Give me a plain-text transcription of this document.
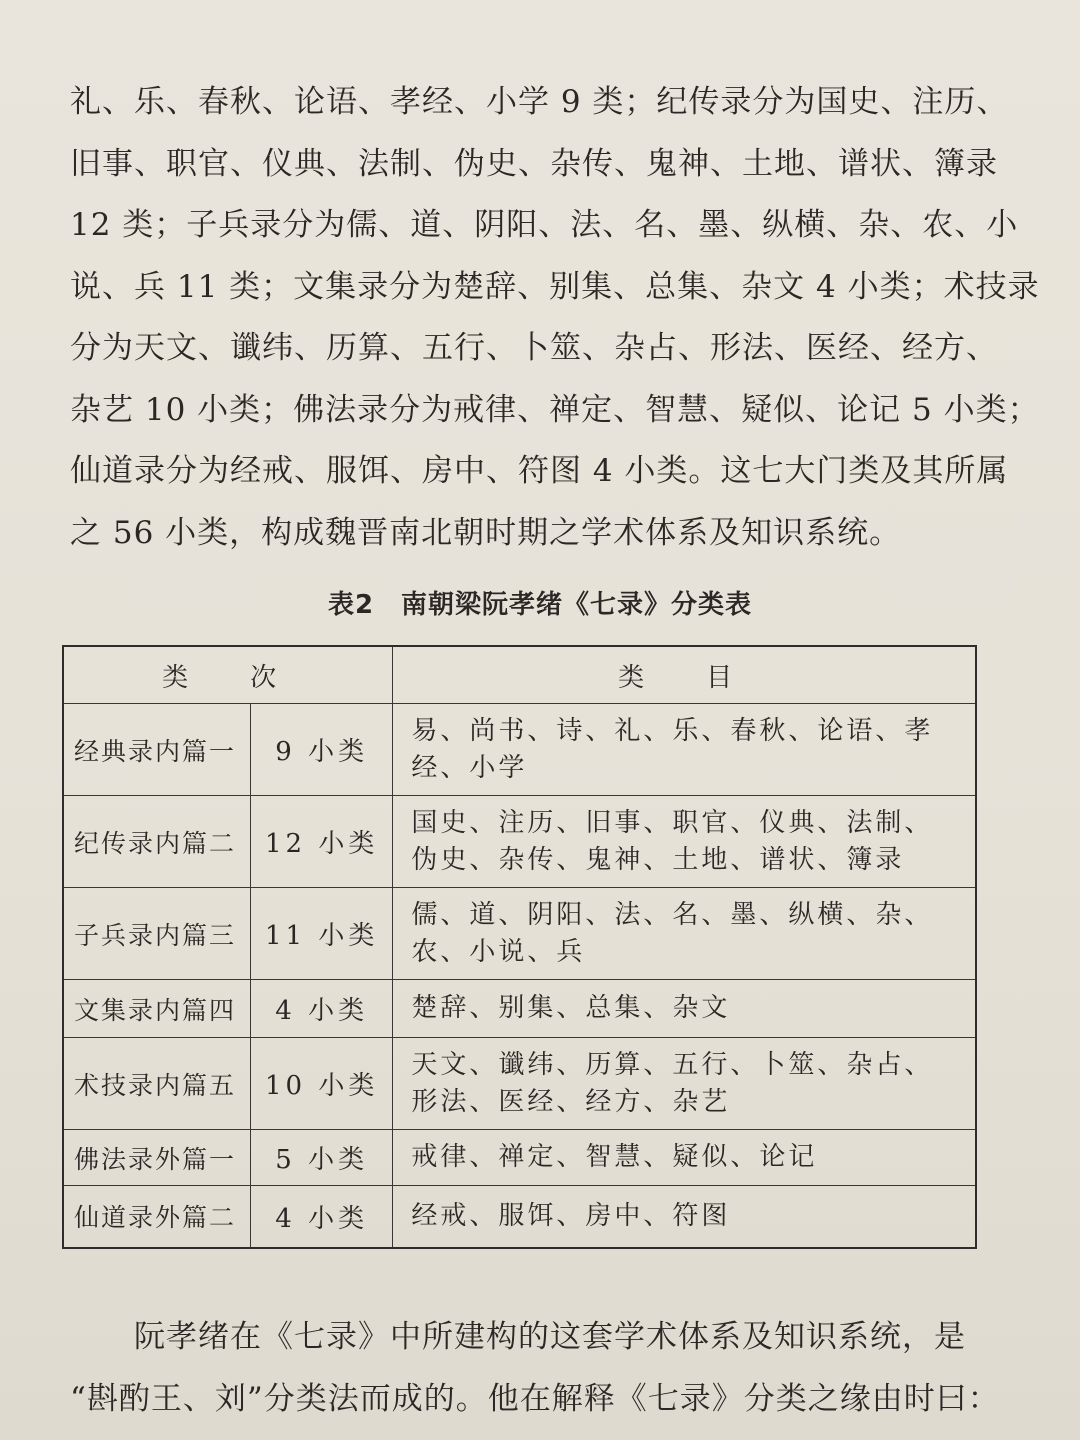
礼、乐、春秋、论语、孝经、小学 9 类；纪传录分为国史、注历、
旧事、职官、仪典、法制、伪史、杂传、鬼神、土地、谱状、簿录
12 类；子兵录分为儒、道、阴阳、法、名、墨、纵横、杂、农、小
说、兵 11 类；文集录分为楚辞、别集、总集、杂文 4 小类；术技录
分为天文、谶纬、历算、五行、卜筮、杂占、形法、医经、经方、
杂艺 10 小类；佛法录分为戒律、禅定、智慧、疑似、论记 5 小类；
仙道录分为经戒、服饵、房中、符图 4 小类。这七大门类及其所属
之 56 小类，构成魏晋南北朝时期之学术体系及知识系统。
表2　南朝梁阮孝绪《七录》分类表
类　次		类　目
经典录内篇一	9 小类	易、尚书、诗、礼、乐、春秋、论语、孝经、小学
纪传录内篇二	12 小类	国史、注历、旧事、职官、仪典、法制、伪史、杂传、鬼神、土地、谱状、簿录
子兵录内篇三	11 小类	儒、道、阴阳、法、名、墨、纵横、杂、农、小说、兵
文集录内篇四	4 小类	楚辞、别集、总集、杂文
术技录内篇五	10 小类	天文、谶纬、历算、五行、卜筮、杂占、形法、医经、经方、杂艺
佛法录外篇一	5 小类	戒律、禅定、智慧、疑似、论记
仙道录外篇二	4 小类	经戒、服饵、房中、符图
　　阮孝绪在《七录》中所建构的这套学术体系及知识系统，是
“斟酌王、刘”分类法而成的。他在解释《七录》分类之缘由时曰：
